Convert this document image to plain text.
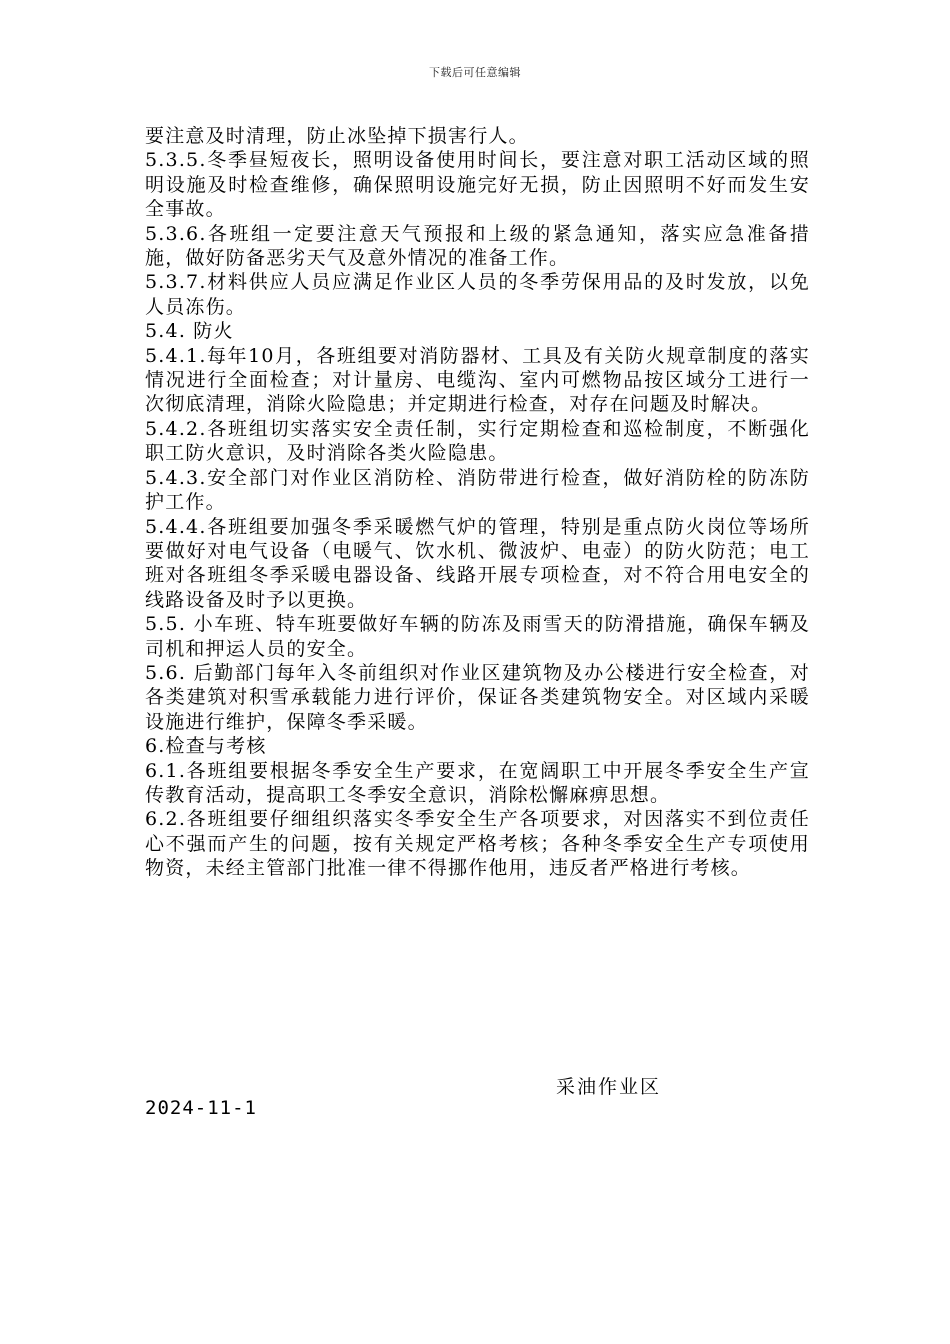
下载后可任意编辑

要注意及时清理，防止冰坠掉下损害行人。

5.3.5.冬季昼短夜长，照明设备使用时间长，要注意对职工活动区域的照明设施及时检查维修，确保照明设施完好无损，防止因照明不好而发生安全事故。

5.3.6.各班组一定要注意天气预报和上级的紧急通知，落实应急准备措施，做好防备恶劣天气及意外情况的准备工作。

5.3.7.材料供应人员应满足作业区人员的冬季劳保用品的及时发放，以免人员冻伤。

5.4. 防火

5.4.1.每年10月，各班组要对消防器材、工具及有关防火规章制度的落实情况进行全面检查；对计量房、电缆沟、室内可燃物品按区域分工进行一次彻底清理，消除火险隐患；并定期进行检查，对存在问题及时解决。

5.4.2.各班组切实落实安全责任制，实行定期检查和巡检制度，不断强化职工防火意识，及时消除各类火险隐患。

5.4.3.安全部门对作业区消防栓、消防带进行检查，做好消防栓的防冻防护工作。

5.4.4.各班组要加强冬季采暖燃气炉的管理，特别是重点防火岗位等场所要做好对电气设备（电暖气、饮水机、微波炉、电壶）的防火防范；电工班对各班组冬季采暖电器设备、线路开展专项检查，对不符合用电安全的线路设备及时予以更换。

5.5. 小车班、特车班要做好车辆的防冻及雨雪天的防滑措施，确保车辆及司机和押运人员的安全。

5.6. 后勤部门每年入冬前组织对作业区建筑物及办公楼进行安全检查，对各类建筑对积雪承载能力进行评价，保证各类建筑物安全。对区域内采暖设施进行维护，保障冬季采暖。

6.检查与考核

6.1.各班组要根据冬季安全生产要求，在宽阔职工中开展冬季安全生产宣传教育活动，提高职工冬季安全意识，消除松懈麻痹思想。

6.2.各班组要仔细组织落实冬季安全生产各项要求，对因落实不到位责任心不强而产生的问题，按有关规定严格考核；各种冬季安全生产专项使用物资，未经主管部门批准一律不得挪作他用，违反者严格进行考核。

采油作业区
2024-11-1
